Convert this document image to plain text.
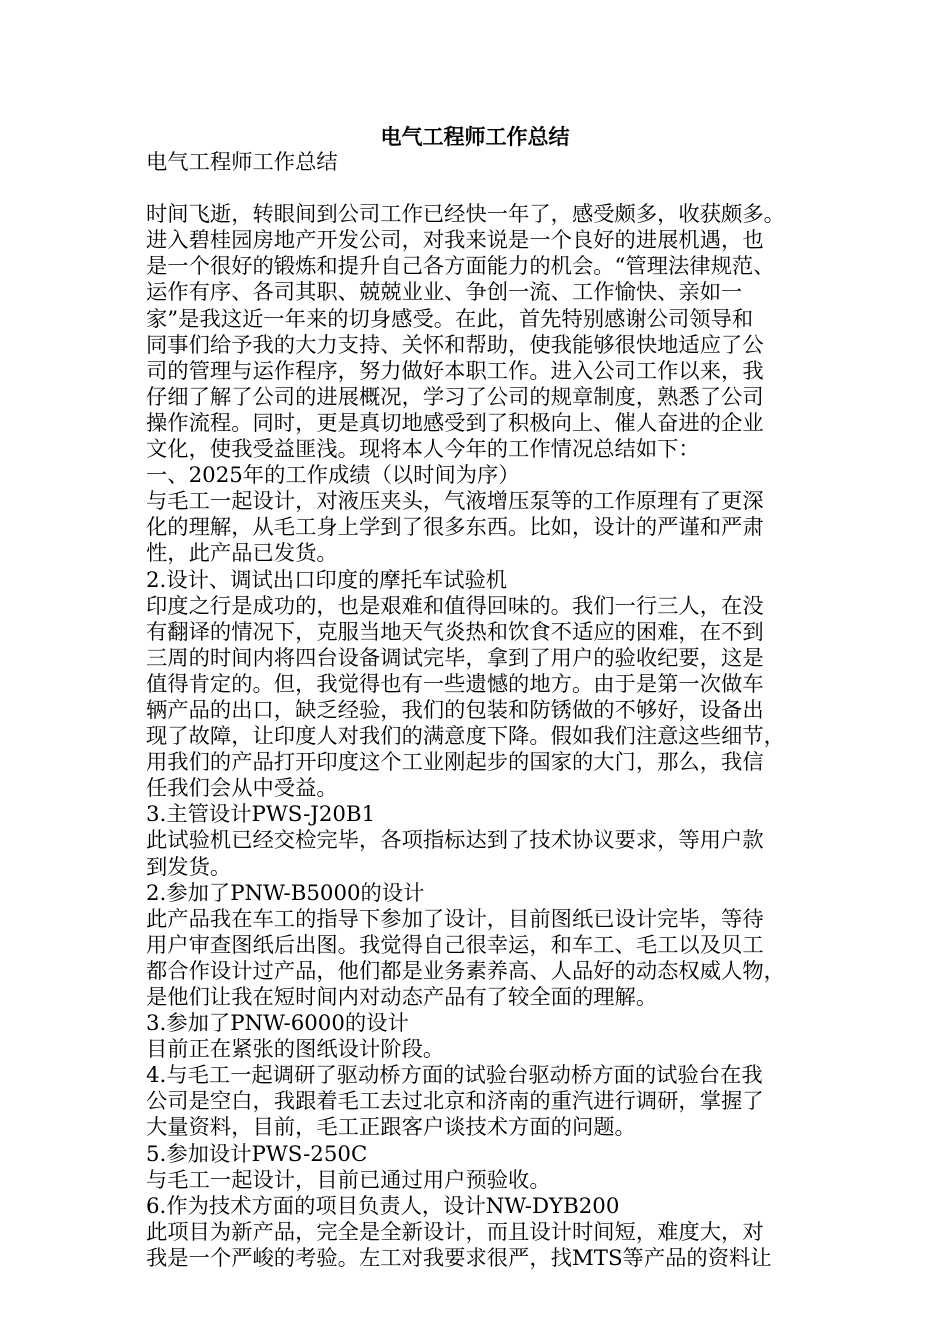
电气工程师工作总结
电气工程师工作总结
时间飞逝，转眼间到公司工作已经快一年了，感受颇多，收获颇多。
进入碧桂园房地产开发公司，对我来说是一个良好的进展机遇，也
是一个很好的锻炼和提升自己各方面能力的机会。“管理法律规范、
运作有序、各司其职、兢兢业业、争创一流、工作愉快、亲如一
家”是我这近一年来的切身感受。在此，首先特别感谢公司领导和
同事们给予我的大力支持、关怀和帮助，使我能够很快地适应了公
司的管理与运作程序，努力做好本职工作。进入公司工作以来，我
仔细了解了公司的进展概况，学习了公司的规章制度，熟悉了公司
操作流程。同时，更是真切地感受到了积极向上、催人奋进的企业
文化，使我受益匪浅。现将本人今年的工作情况总结如下：
一、2025年的工作成绩（以时间为序）
与毛工一起设计，对液压夹头，气液增压泵等的工作原理有了更深
化的理解，从毛工身上学到了很多东西。比如，设计的严谨和严肃
性，此产品已发货。
2.设计、调试出口印度的摩托车试验机
印度之行是成功的，也是艰难和值得回味的。我们一行三人，在没
有翻译的情况下，克服当地天气炎热和饮食不适应的困难，在不到
三周的时间内将四台设备调试完毕，拿到了用户的验收纪要，这是
值得肯定的。但，我觉得也有一些遗憾的地方。由于是第一次做车
辆产品的出口，缺乏经验，我们的包装和防锈做的不够好，设备出
现了故障，让印度人对我们的满意度下降。假如我们注意这些细节，
用我们的产品打开印度这个工业刚起步的国家的大门，那么，我信
任我们会从中受益。
3.主管设计PWS-J20B1
此试验机已经交检完毕，各项指标达到了技术协议要求，等用户款
到发货。
2.参加了PNW-B5000的设计
此产品我在车工的指导下参加了设计，目前图纸已设计完毕，等待
用户审查图纸后出图。我觉得自己很幸运，和车工、毛工以及贝工
都合作设计过产品，他们都是业务素养高、人品好的动态权威人物，
是他们让我在短时间内对动态产品有了较全面的理解。
3.参加了PNW-6000的设计
目前正在紧张的图纸设计阶段。
4.与毛工一起调研了驱动桥方面的试验台驱动桥方面的试验台在我
公司是空白，我跟着毛工去过北京和济南的重汽进行调研，掌握了
大量资料，目前，毛工正跟客户谈技术方面的问题。
5.参加设计PWS-250C
与毛工一起设计，目前已通过用户预验收。
6.作为技术方面的项目负责人，设计NW-DYB200
此项目为新产品，完全是全新设计，而且设计时间短，难度大，对
我是一个严峻的考验。左工对我要求很严，找MTS等产品的资料让
